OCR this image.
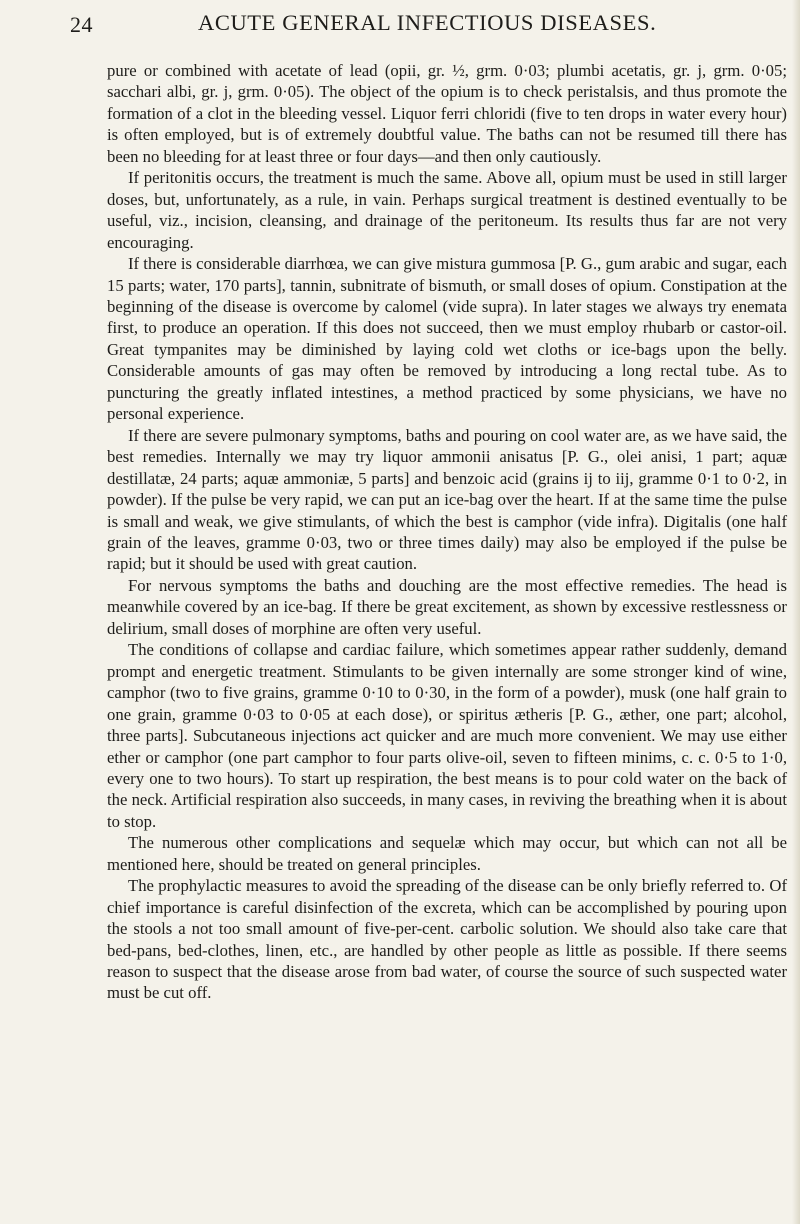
24	ACUTE GENERAL INFECTIOUS DISEASES.

pure or combined with acetate of lead (opii, gr. ½, grm. 0·03; plumbi acetatis, gr. j, grm. 0·05; sacchari albi, gr. j, grm. 0·05). The object of the opium is to check peristalsis, and thus promote the formation of a clot in the bleeding vessel. Liquor ferri chloridi (five to ten drops in water every hour) is often employed, but is of extremely doubtful value. The baths can not be resumed till there has been no bleeding for at least three or four days—and then only cautiously.

If peritonitis occurs, the treatment is much the same. Above all, opium must be used in still larger doses, but, unfortunately, as a rule, in vain. Perhaps surgical treatment is destined eventually to be useful, viz., incision, cleansing, and drainage of the peritoneum. Its results thus far are not very encouraging.

If there is considerable diarrhœa, we can give mistura gummosa [P. G., gum arabic and sugar, each 15 parts; water, 170 parts], tannin, subnitrate of bismuth, or small doses of opium. Constipation at the beginning of the disease is overcome by calomel (vide supra). In later stages we always try enemata first, to produce an operation. If this does not succeed, then we must employ rhubarb or castor-oil. Great tympanites may be diminished by laying cold wet cloths or ice-bags upon the belly. Considerable amounts of gas may often be removed by introducing a long rectal tube. As to puncturing the greatly inflated intestines, a method practiced by some physicians, we have no personal experience.

If there are severe pulmonary symptoms, baths and pouring on cool water are, as we have said, the best remedies. Internally we may try liquor ammonii anisatus [P. G., olei anisi, 1 part; aquæ destillatæ, 24 parts; aquæ ammoniæ, 5 parts] and benzoic acid (grains ij to iij, gramme 0·1 to 0·2, in powder). If the pulse be very rapid, we can put an ice-bag over the heart. If at the same time the pulse is small and weak, we give stimulants, of which the best is camphor (vide infra). Digitalis (one half grain of the leaves, gramme 0·03, two or three times daily) may also be employed if the pulse be rapid; but it should be used with great caution.

For nervous symptoms the baths and douching are the most effective remedies. The head is meanwhile covered by an ice-bag. If there be great excitement, as shown by excessive restlessness or delirium, small doses of morphine are often very useful.

The conditions of collapse and cardiac failure, which sometimes appear rather suddenly, demand prompt and energetic treatment. Stimulants to be given internally are some stronger kind of wine, camphor (two to five grains, gramme 0·10 to 0·30, in the form of a powder), musk (one half grain to one grain, gramme 0·03 to 0·05 at each dose), or spiritus ætheris [P. G., æther, one part; alcohol, three parts]. Subcutaneous injections act quicker and are much more convenient. We may use either ether or camphor (one part camphor to four parts olive-oil, seven to fifteen minims, c. c. 0·5 to 1·0, every one to two hours). To start up respiration, the best means is to pour cold water on the back of the neck. Artificial respiration also succeeds, in many cases, in reviving the breathing when it is about to stop.

The numerous other complications and sequelæ which may occur, but which can not all be mentioned here, should be treated on general principles.

The prophylactic measures to avoid the spreading of the disease can be only briefly referred to. Of chief importance is careful disinfection of the excreta, which can be accomplished by pouring upon the stools a not too small amount of five-per-cent. carbolic solution. We should also take care that bed-pans, bed-clothes, linen, etc., are handled by other people as little as possible. If there seems reason to suspect that the disease arose from bad water, of course the source of such suspected water must be cut off.
